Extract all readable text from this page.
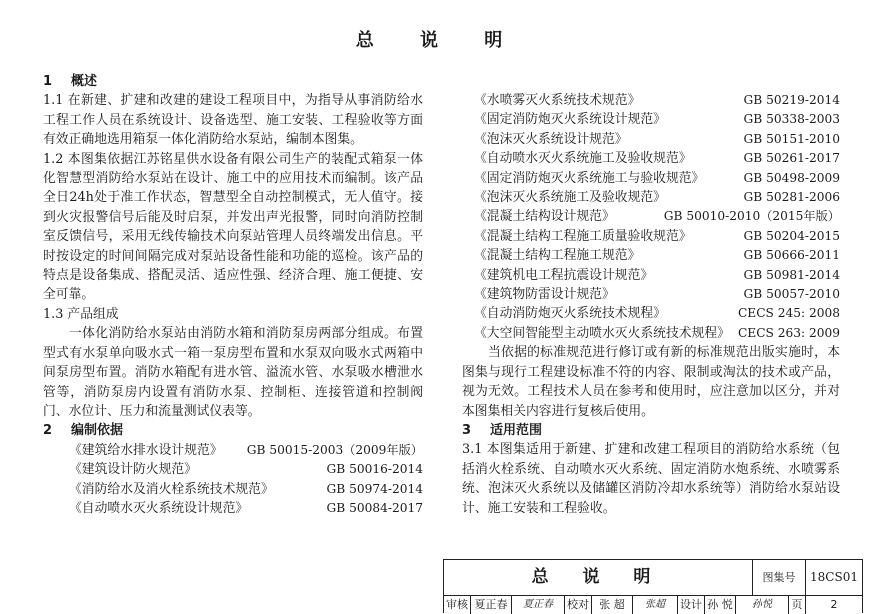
总 说 明
1 概述

1.1 在新建、扩建和改建的建设工程项目中，为指导从事消防给水工程工作人员在系统设计、设备选型、施工安装、工程验收等方面有效正确地选用箱泵一体化消防给水泵站，编制本图集。

1.2 本图集依据江苏铭星供水设备有限公司生产的装配式箱泵一体化智慧型消防给水泵站在设计、施工中的应用技术而编制。该产品全日24h处于准工作状态，智慧型全自动控制模式，无人值守。接到火灾报警信号后能及时启泵，并发出声光报警，同时向消防控制室反馈信号，采用无线传输技术向泵站管理人员终端发出信息。平时按设定的时间间隔完成对泵站设备性能和功能的巡检。该产品的特点是设备集成、搭配灵活、适应性强、经济合理、施工便捷、安全可靠。

1.3 产品组成

一体化消防给水泵站由消防水箱和消防泵房两部分组成。布置型式有水泵单向吸水式一箱一泵房型布置和水泵双向吸水式两箱中间泵房型布置。消防水箱配有进水管、溢流水管、水泵吸水槽泄水管等，消防泵房内设置有消防水泵、控制柜、连接管道和控制阀门、水位计、压力和流量测试仪表等。

2 编制依据
《建筑给水排水设计规范》 GB 50015-2003（2009年版）
《建筑设计防火规范》	GB 50016-2014
《消防给水及消火栓系统技术规范》	GB 50974-2014
《自动喷水灭火系统设计规范》	GB 50084-2017
《水喷雾灭火系统技术规范》	GB 50219-2014
《固定消防炮灭火系统设计规范》	GB 50338-2003
《泡沫灭火系统设计规范》	GB 50151-2010
《自动喷水灭火系统施工及验收规范》	GB 50261-2017
《固定消防炮灭火系统施工与验收规范》	GB 50498-2009
《泡沫灭火系统施工及验收规范》	GB 50281-2006
《混凝土结构设计规范》	GB 50010-2010（2015年版）
《混凝土结构工程施工质量验收规范》	GB 50204-2015
《混凝土结构工程施工规范》	GB 50666-2011
《建筑机电工程抗震设计规范》	GB 50981-2014
《建筑物防雷设计规范》	GB 50057-2010
《自动消防炮灭火系统技术规程》	CECS 245: 2008
《大空间智能型主动喷水灭火系统技术规程》 CECS 263: 2009

当依据的标准规范进行修订或有新的标准规范出版实施时，本图集与现行工程建设标准不符的内容、限制或淘汰的技术或产品，视为无效。工程技术人员在参考和使用时，应注意加以区分，并对本图集相关内容进行复核后使用。

3 适用范围

3.1 本图集适用于新建、扩建和改建工程项目的消防给水系统（包括消火栓系统、自动喷水灭火系统、固定消防水炮系统、水喷雾系统、泡沫灭火系统以及储罐区消防冷却水系统等）消防给水泵站设计、施工安装和工程验收。

总 说 明	图集号	18CS01
审核 夏正春	夏正春	校对 张 超	张超	设计 孙 悦	孙悦	页	2
